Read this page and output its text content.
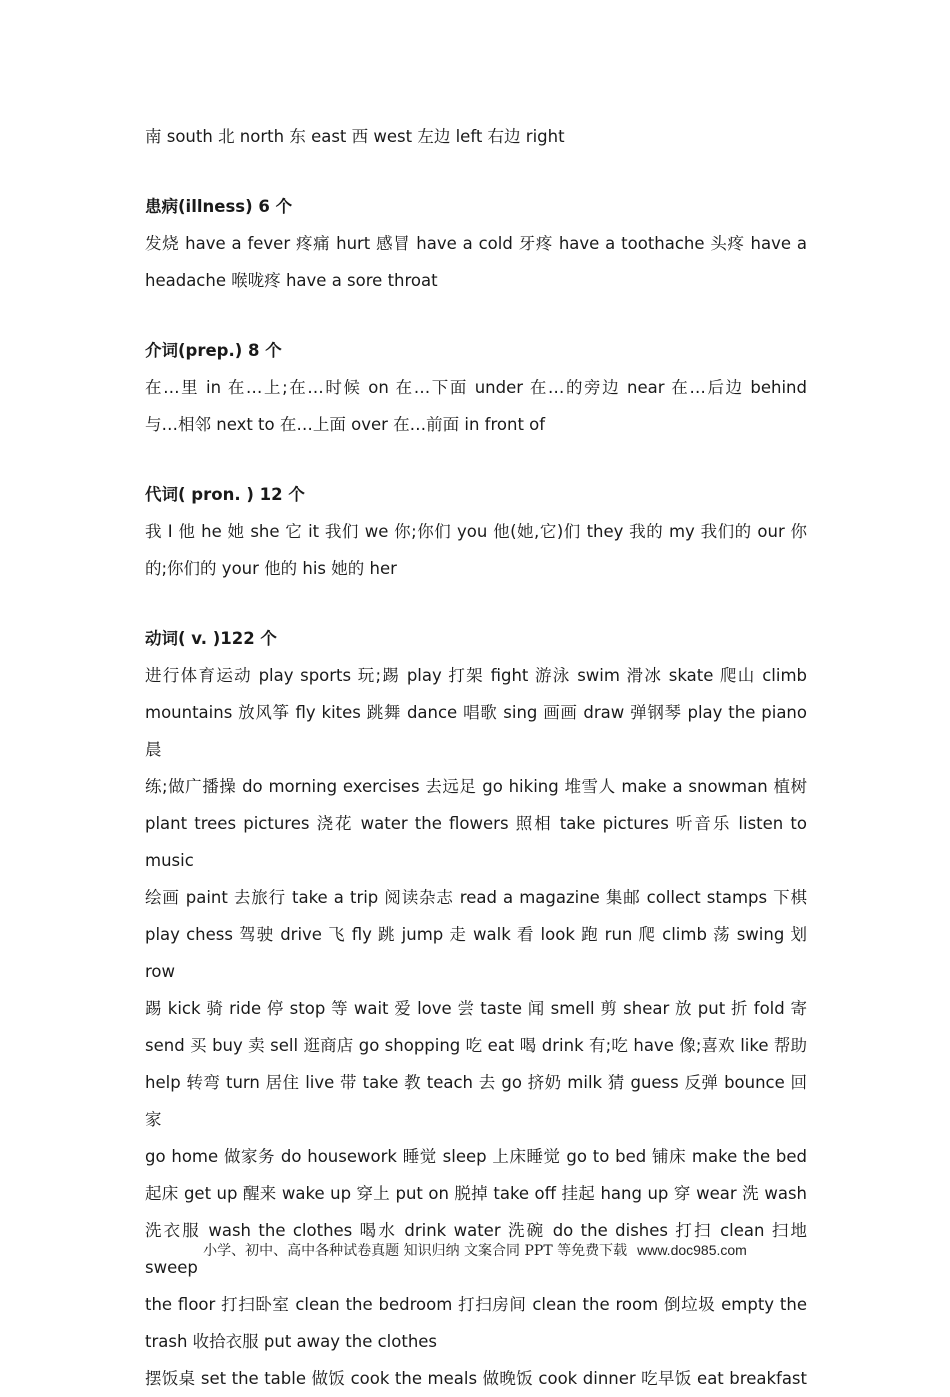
南 south 北 north 东 east 西 west 左边 left 右边 right
患病(illness) 6 个
发烧 have a fever 疼痛 hurt 感冒 have a cold 牙疼 have a toothache 头疼 have a
headache 喉咙疼 have a sore throat
介词(prep.) 8 个
在…里 in 在…上;在…时候 on 在…下面 under 在…的旁边 near 在…后边 behind
与…相邻 next to 在…上面 over 在…前面 in front of
代词( pron. ) 12 个
我 I 他 he 她 she 它 it 我们 we 你;你们 you 他(她,它)们 they 我的 my 我们的 our 你
的;你们的 your 他的 his 她的 her
动词( v. )122 个
进行体育运动 play sports 玩;踢 play 打架 fight 游泳 swim 滑冰 skate 爬山 climb
mountains 放风筝 fly kites 跳舞 dance 唱歌 sing 画画 draw 弹钢琴 play the piano 晨
练;做广播操 do morning exercises 去远足 go hiking 堆雪人 make a snowman 植树
plant trees pictures 浇花 water the flowers 照相 take pictures 听音乐 listen to music
绘画 paint 去旅行 take a trip 阅读杂志 read a magazine 集邮 collect stamps 下棋
play chess 驾驶 drive 飞 fly 跳 jump 走 walk 看 look 跑 run 爬 climb 荡 swing 划 row
踢 kick 骑 ride 停 stop 等 wait 爱 love 尝 taste 闻 smell 剪 shear 放 put 折 fold 寄
send 买 buy 卖 sell 逛商店 go shopping 吃 eat 喝 drink 有;吃 have 像;喜欢 like 帮助
help 转弯 turn 居住 live 带 take 教 teach 去 go 挤奶 milk 猜 guess 反弹 bounce 回家
go home 做家务 do housework 睡觉 sleep 上床睡觉 go to bed 铺床 make the bed
起床 get up 醒来 wake up 穿上 put on 脱掉 take off 挂起 hang up 穿 wear 洗 wash
洗衣服 wash the clothes 喝水 drink water 洗碗 do the dishes 打扫 clean 扫地 sweep
the floor 打扫卧室 clean the bedroom 打扫房间 clean the room 倒垃圾 empty the
trash 收拾衣服 put away the clothes
摆饭桌 set the table 做饭 cook the meals 做晚饭 cook dinner 吃早饭 eat breakfast
小学、初中、高中各种试卷真题 知识归纳 文案合同 PPT 等免费下载 www.doc985.com
